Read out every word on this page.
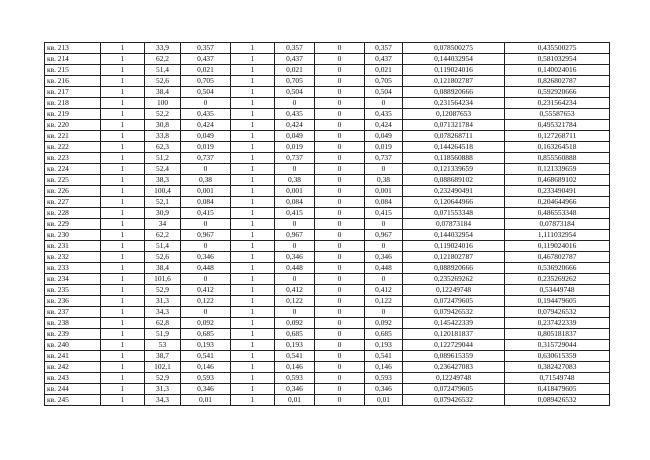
кв. 213	1	33,9	0,357	1	0,357	0	0,357	0,078500275	0,435500275
кв. 214	1	62,2	0,437	1	0,437	0	0,437	0,144032954	0,581032954
кв. 215	1	51,4	0,021	1	0,021	0	0,021	0,119024016	0,140024016
кв. 216	1	52,6	0,705	1	0,705	0	0,705	0,121802787	0,826802787
кв. 217	1	38,4	0,504	1	0,504	0	0,504	0,088920666	0,592920666
кв. 218	1	100	0	1	0	0	0	0,231564234	0,231564234
кв. 219	1	52,2	0,435	1	0,435	0	0,435	0,12087653	0,55587653
кв. 220	1	30,8	0,424	1	0,424	0	0,424	0,071321784	0,495321784
кв. 221	1	33,8	0,049	1	0,049	0	0,049	0,078268711	0,127268711
кв. 222	1	62,3	0,019	1	0,019	0	0,019	0,144264518	0,163264518
кв. 223	1	51,2	0,737	1	0,737	0	0,737	0,118560888	0,855560888
кв. 224	1	52,4	0	1	0	0	0	0,121339659	0,121339659
кв. 225	1	38,3	0,38	1	0,38	0	0,38	0,088689102	0,468689102
кв. 226	1	100,4	0,001	1	0,001	0	0,001	0,232490491	0,233490491
кв. 227	1	52,1	0,084	1	0,084	0	0,084	0,120644966	0,204644966
кв. 228	1	30,9	0,415	1	0,415	0	0,415	0,071553348	0,486553348
кв. 229	1	34	0	1	0	0	0	0,07873184	0,07873184
кв. 230	1	62,2	0,967	1	0,967	0	0,967	0,144032954	1,111032954
кв. 231	1	51,4	0	1	0	0	0	0,119024016	0,119024016
кв. 232	1	52,6	0,346	1	0,346	0	0,346	0,121802787	0,467802787
кв. 233	1	38,4	0,448	1	0,448	0	0,448	0,088920666	0,536920666
кв. 234	1	101,6	0	1	0	0	0	0,235269262	0,235269262
кв. 235	1	52,9	0,412	1	0,412	0	0,412	0,12249748	0,53449748
кв. 236	1	31,3	0,122	1	0,122	0	0,122	0,072479605	0,194479605
кв. 237	1	34,3	0	1	0	0	0	0,079426532	0,079426532
кв. 238	1	62,8	0,092	1	0,092	0	0,092	0,145422339	0,237422339
кв. 239	1	51,9	0,685	1	0,685	0	0,685	0,120181837	0,805181837
кв. 240	1	53	0,193	1	0,193	0	0,193	0,122729044	0,315729044
кв. 241	1	38,7	0,541	1	0,541	0	0,541	0,089615359	0,630615359
кв. 242	1	102,1	0,146	1	0,146	0	0,146	0,236427083	0,382427083
кв. 243	1	52,9	0,593	1	0,593	0	0,593	0,12249748	0,71549748
кв. 244	1	31,3	0,346	1	0,346	0	0,346	0,072479605	0,418479605
кв. 245	1	34,3	0,01	1	0,01	0	0,01	0,079426532	0,089426532
